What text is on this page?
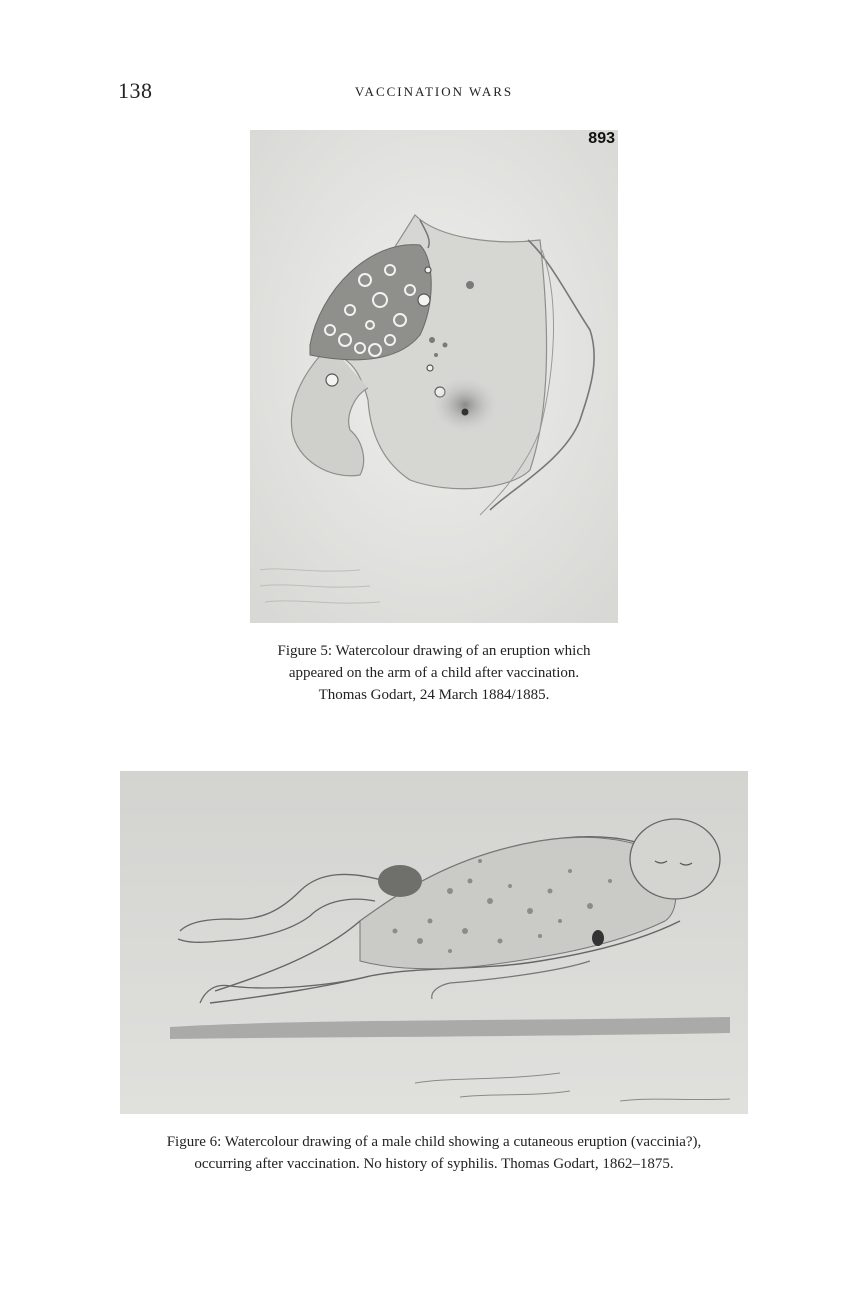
138	VACCINATION WARS
893
Figure 5: Watercolour drawing of an eruption which
appeared on the arm of a child after vaccination.
Thomas Godart, 24 March 1884/1885.
Figure 6: Watercolour drawing of a male child showing a cutaneous eruption (vaccinia?),
occurring after vaccination. No history of syphilis. Thomas Godart, 1862–1875.
